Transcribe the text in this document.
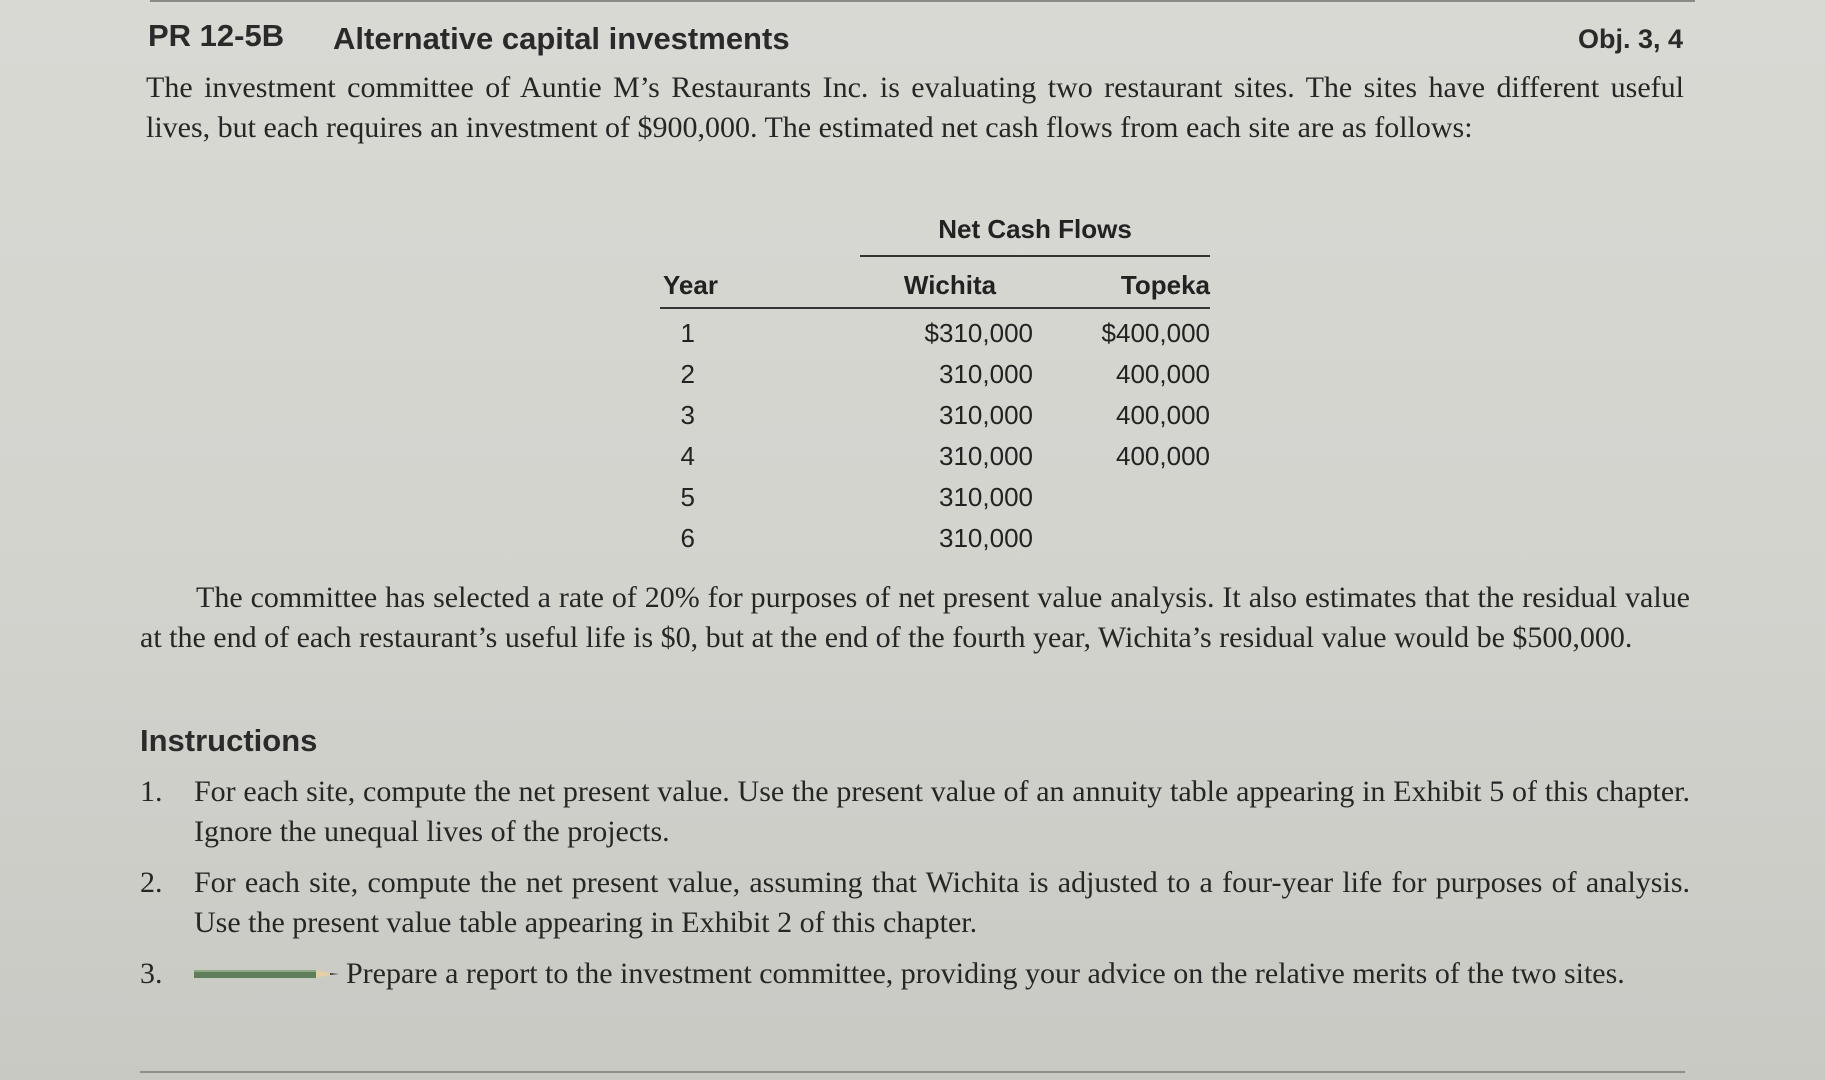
PR 12-5B Alternative capital investments	Obj. 3, 4

The investment committee of Auntie M’s Restaurants Inc. is evaluating two restaurant sites. The sites have different useful lives, but each requires an investment of $900,000. The estimated net cash flows from each site are as follows:

Net Cash Flows
Year	Wichita	Topeka
1	$310,000	$400,000
2	310,000	400,000
3	310,000	400,000
4	310,000	400,000
5	310,000
6	310,000

The committee has selected a rate of 20% for purposes of net present value analysis. It also estimates that the residual value at the end of each restaurant’s useful life is $0, but at the end of the fourth year, Wichita’s residual value would be $500,000.

Instructions
1. For each site, compute the net present value. Use the present value of an annuity table appearing in Exhibit 5 of this chapter. Ignore the unequal lives of the projects.

2. For each site, compute the net present value, assuming that Wichita is adjusted to a four-year life for purposes of analysis. Use the present value table appearing in Exhibit 2 of this chapter.

3.	Prepare a report to the investment committee, providing your advice on the relative merits of the two sites.
